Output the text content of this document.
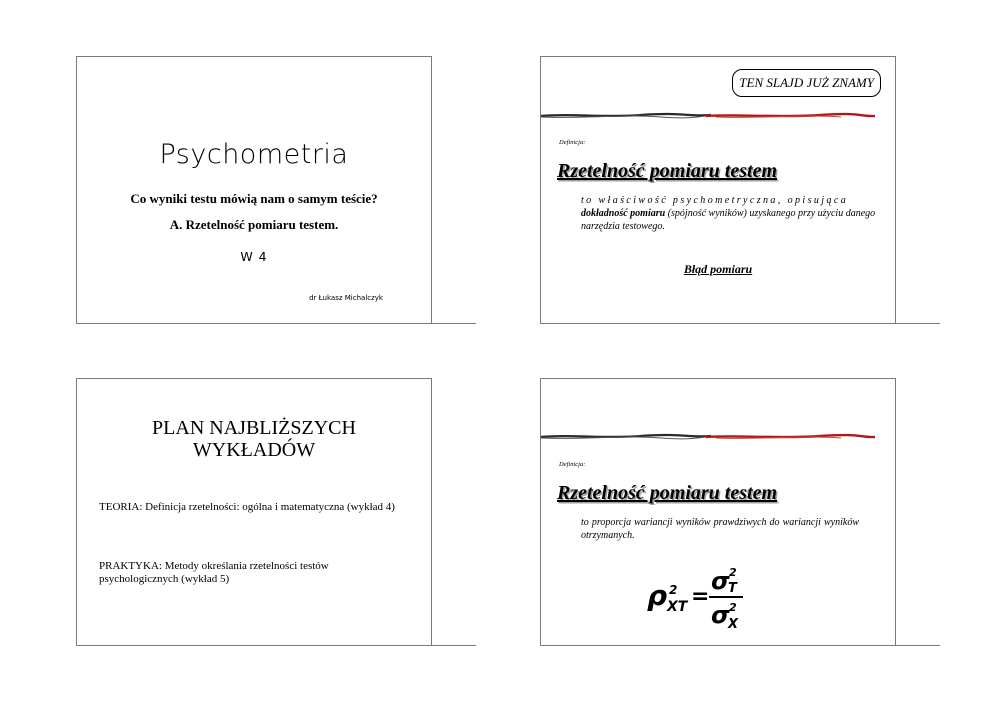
Psychometria
Co wyniki testu mówią nam o samym teście?
A. Rzetelność pomiaru testem.
W 4
dr Łukasz Michalczyk
TEN SLAJD JUŻ ZNAMY
Definicja:
Rzetelność pomiaru testem
to właściwość psychometryczna, opisująca
dokładność pomiaru (spójność wyników) uzyskanego przy użyciu danego narzędzia testowego.
Błąd pomiaru
PLAN NAJBLIŻSZYCH
WYKŁADÓW
TEORIA: Definicja rzetelności: ogólna i matematyczna (wykład 4)
PRAKTYKA: Metody określania rzetelności testów psychologicznych (wykład 5)
Definicja:
Rzetelność pomiaru testem
to proporcja wariancji wyników prawdziwych do wariancji wyników otrzymanych.
ρ 2
XT =
σ 2
T
σ 2
X
